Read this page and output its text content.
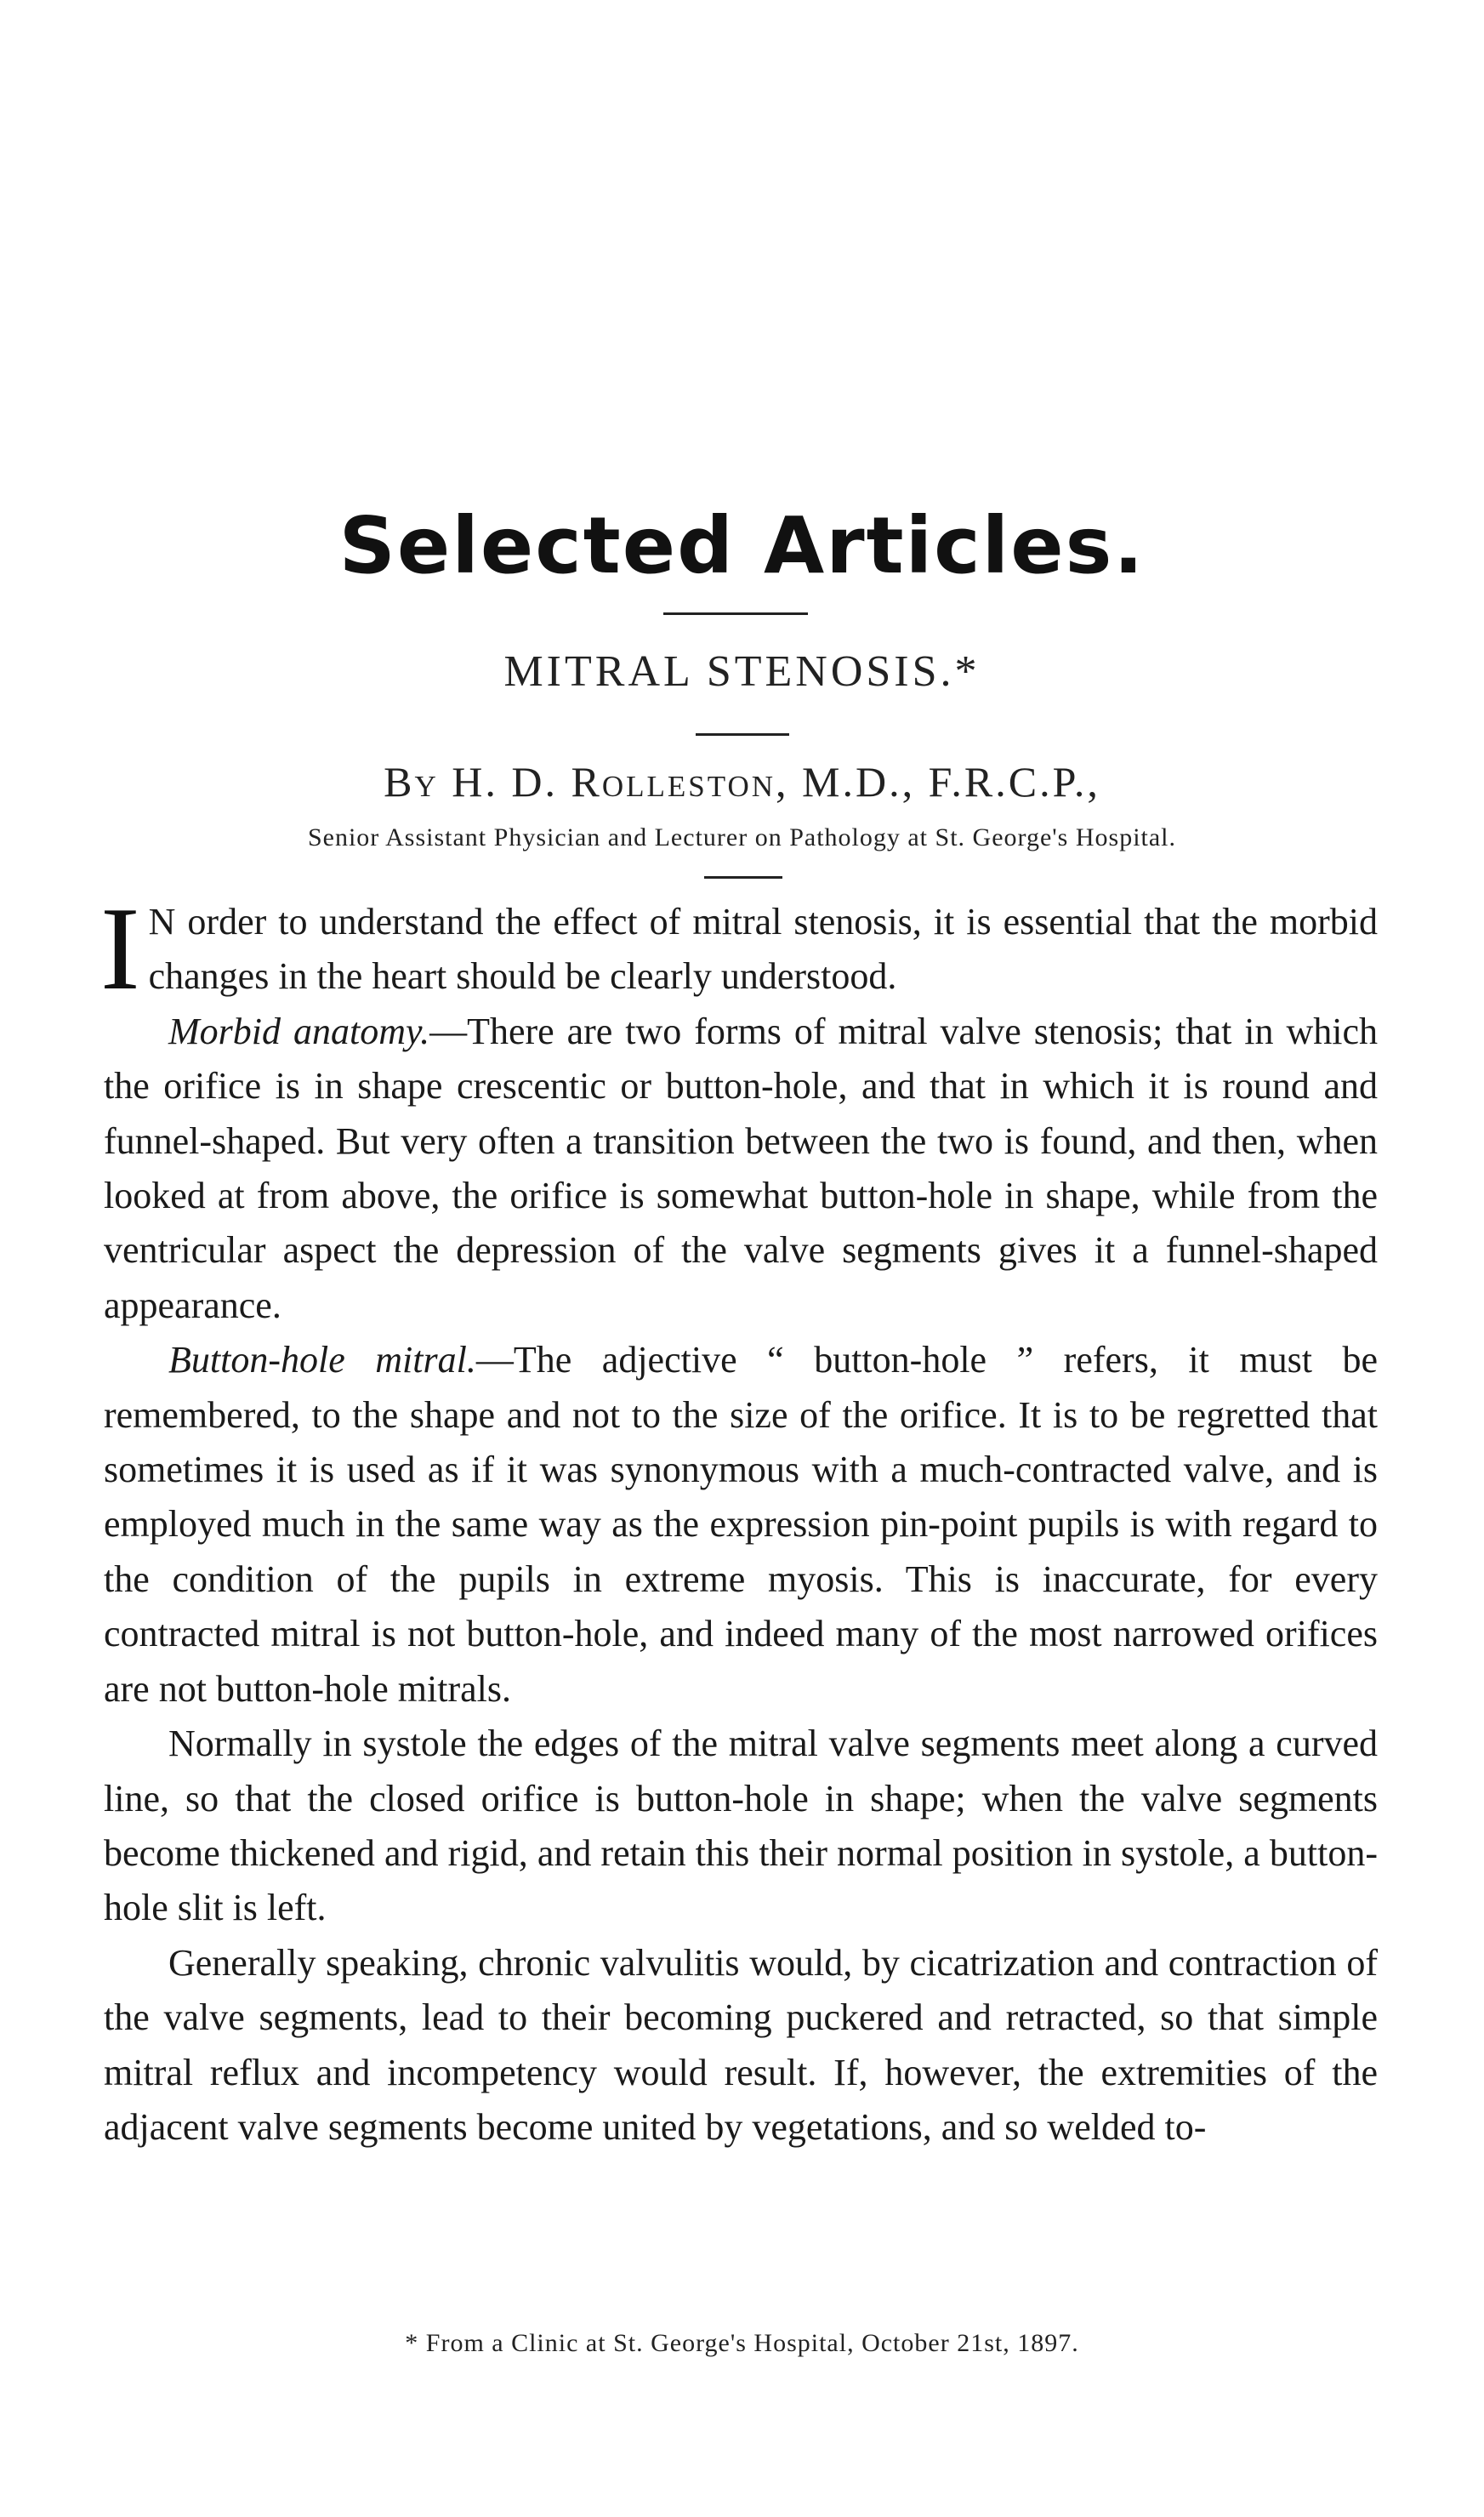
Selected Articles.
MITRAL STENOSIS.*
By H. D. Rolleston, M.D., F.R.C.P.,
Senior Assistant Physician and Lecturer on Pathology at St. George's Hospital.

I N order to understand the effect of mitral stenosis, it is essential that the morbid changes in the heart should be clearly understood.

Morbid anatomy.—There are two forms of mitral valve stenosis; that in which the orifice is in shape crescentic or button-hole, and that in which it is round and funnel-shaped. But very often a transition between the two is found, and then, when looked at from above, the orifice is somewhat button-hole in shape, while from the ventricular aspect the depression of the valve segments gives it a funnel-shaped appearance.

Button-hole mitral.—The adjective “ button-hole ” refers, it must be remembered, to the shape and not to the size of the orifice. It is to be regretted that sometimes it is used as if it was synonymous with a much-contracted valve, and is employed much in the same way as the expression pin-point pupils is with regard to the condition of the pupils in extreme myosis. This is inaccurate, for every contracted mitral is not button-hole, and indeed many of the most narrowed orifices are not button-hole mitrals.

Normally in systole the edges of the mitral valve segments meet along a curved line, so that the closed orifice is button-hole in shape; when the valve segments become thickened and rigid, and retain this their normal position in systole, a button-hole slit is left.

Generally speaking, chronic valvulitis would, by cicatrization and contraction of the valve segments, lead to their becoming puckered and retracted, so that simple mitral reflux and incompetency would result. If, however, the extremities of the adjacent valve segments become united by vegetations, and so welded to-

* From a Clinic at St. George's Hospital, October 21st, 1897.
